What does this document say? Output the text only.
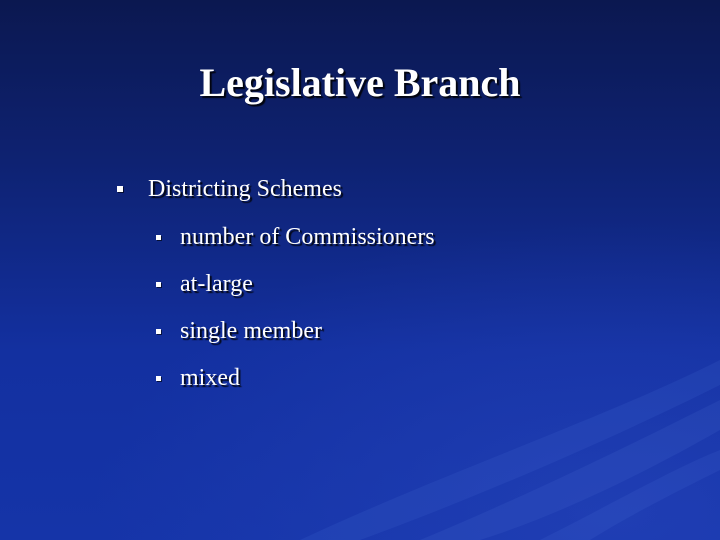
Legislative Branch
Districting Schemes
number of Commissioners
at-large
single member
mixed
